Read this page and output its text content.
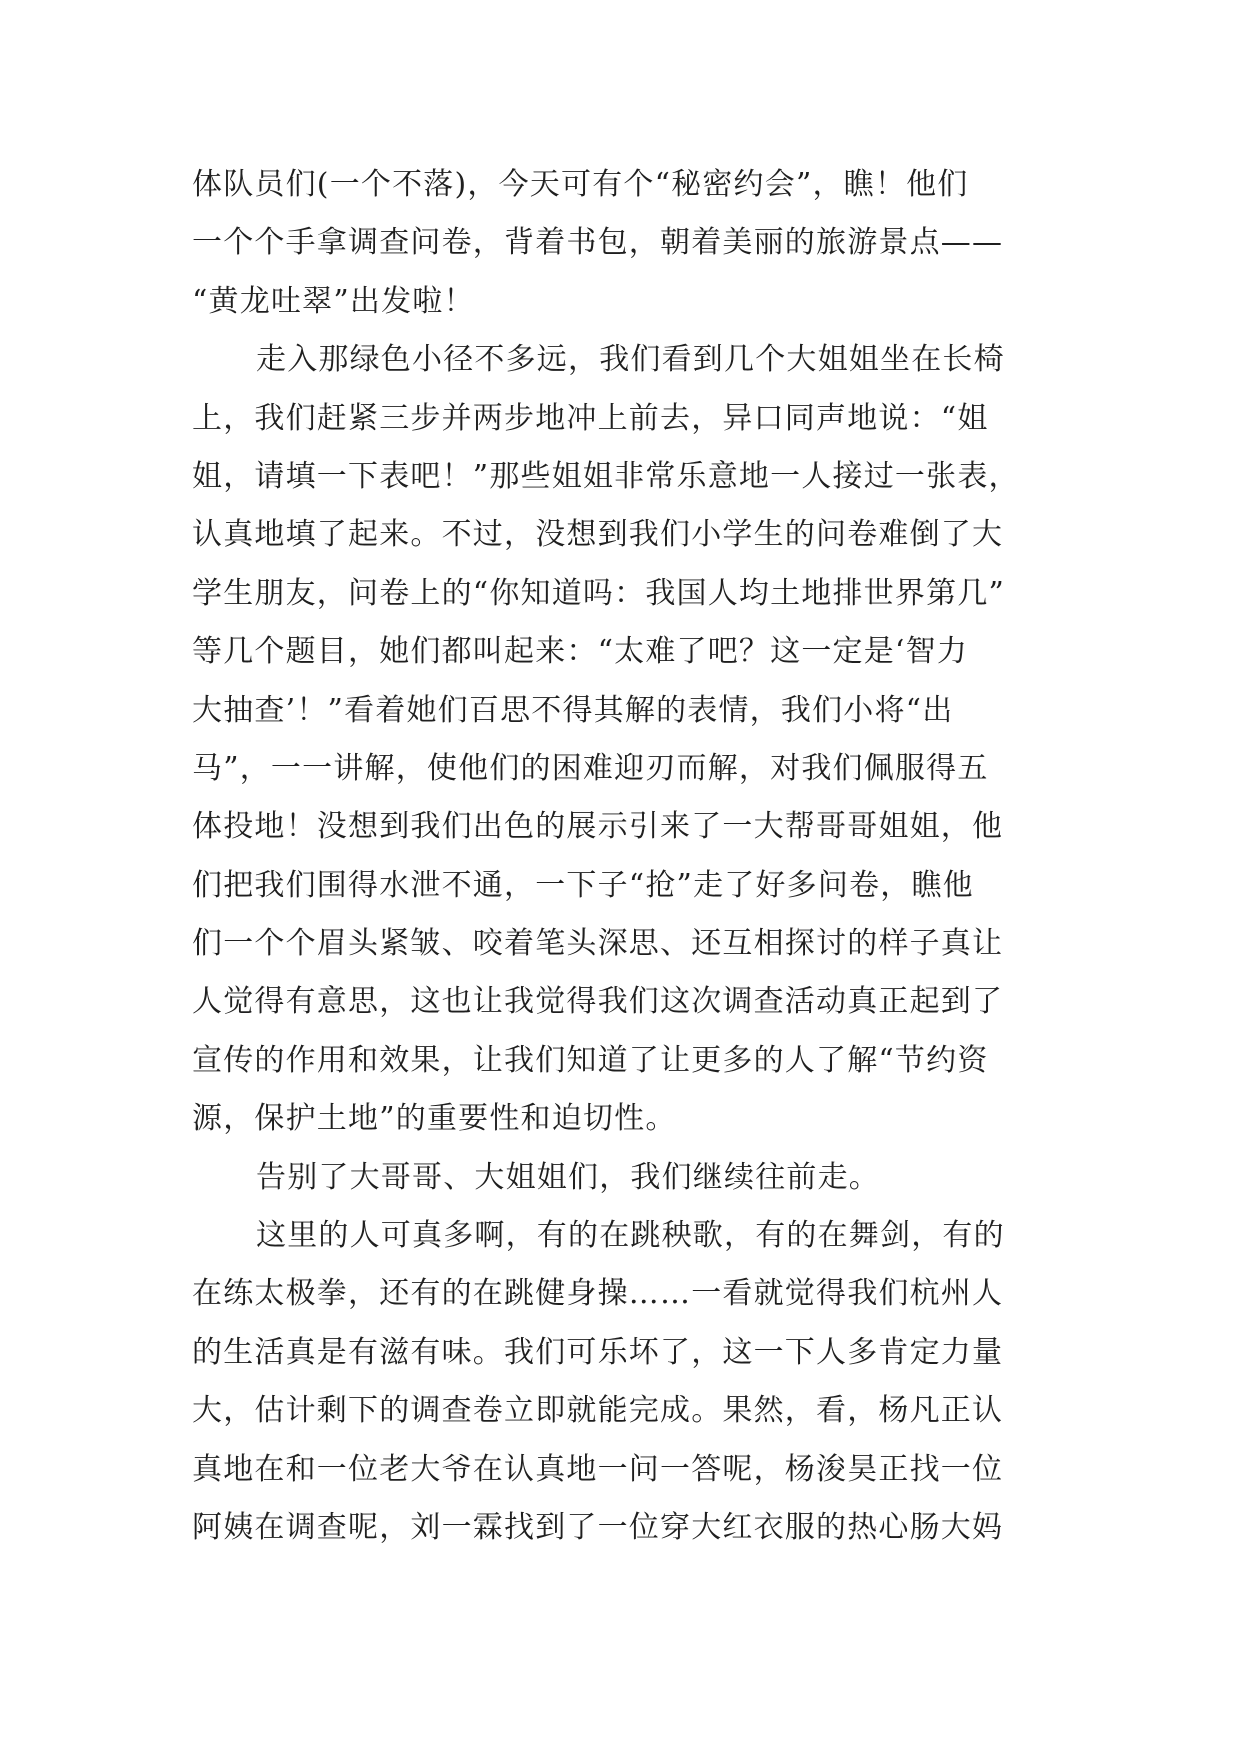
体队员们(一个不落)，今天可有个“秘密约会”，瞧！他们
一个个手拿调查问卷，背着书包，朝着美丽的旅游景点——
“黄龙吐翠”出发啦！
走入那绿色小径不多远，我们看到几个大姐姐坐在长椅
上，我们赶紧三步并两步地冲上前去，异口同声地说：“姐
姐，请填一下表吧！”那些姐姐非常乐意地一人接过一张表，
认真地填了起来。不过，没想到我们小学生的问卷难倒了大
学生朋友，问卷上的“你知道吗：我国人均土地排世界第几”
等几个题目，她们都叫起来：“太难了吧？这一定是‘智力
大抽查’！”看着她们百思不得其解的表情，我们小将“出
马”，一一讲解，使他们的困难迎刃而解，对我们佩服得五
体投地！没想到我们出色的展示引来了一大帮哥哥姐姐，他
们把我们围得水泄不通，一下子“抢”走了好多问卷，瞧他
们一个个眉头紧皱、咬着笔头深思、还互相探讨的样子真让
人觉得有意思，这也让我觉得我们这次调查活动真正起到了
宣传的作用和效果，让我们知道了让更多的人了解“节约资
源，保护土地”的重要性和迫切性。
告别了大哥哥、大姐姐们，我们继续往前走。
这里的人可真多啊，有的在跳秧歌，有的在舞剑，有的
在练太极拳，还有的在跳健身操……一看就觉得我们杭州人
的生活真是有滋有味。我们可乐坏了，这一下人多肯定力量
大，估计剩下的调查卷立即就能完成。果然，看，杨凡正认
真地在和一位老大爷在认真地一问一答呢，杨浚昊正找一位
阿姨在调查呢，刘一霖找到了一位穿大红衣服的热心肠大妈
